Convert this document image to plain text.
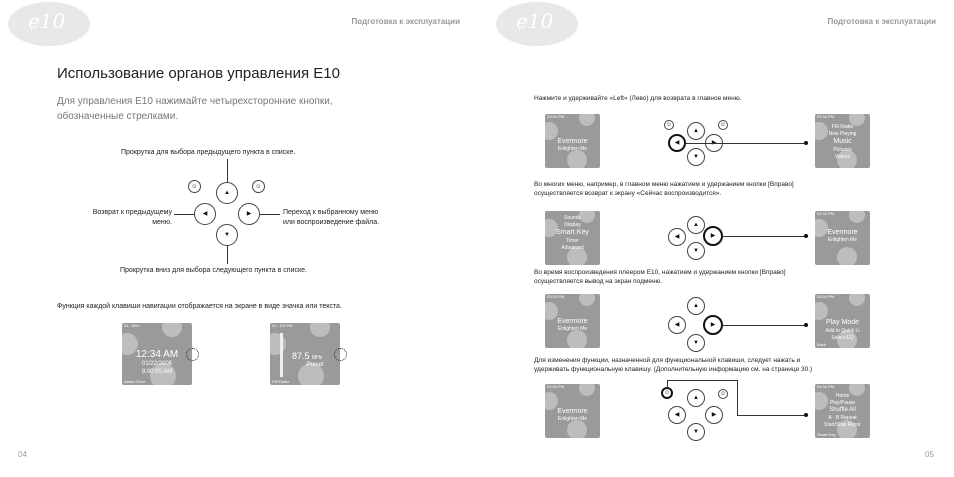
e10	Подготовка к эксплуатации
Использование органов управления E10
Для управления E10 нажимайте четырехсторонние кнопки,
обозначенные стрелками.
Прокрутка для выбора предыдущего пункта в списке.
☺	☺
▲
◀	▶
▼
Возврат к предыдущему
меню.
Переход к выбранному меню
или воспроизведение файла.
Прокрутка вниз для выбора следующего пункта в списке.
Функция каждой клавиши навигации отображается на экране в виде значка или текста.
01 : Mon
12:34 AM
01/22/2006
8:00:00 AM
Alarm Clear
01 : 0.0 PM
87.5 MHz
Preset
FM Radio
04
e10	Подготовка к эксплуатации
Нажмите и удерживайте «Left» (Лево) для возврата в главное меню.
03:34 PM
Evermore
Enlighten Me
☺	☺
▲
◀
▼
03:34 PM
FM Radio
Now Playing
Music
Pictures
Videos
Во многих меню, например, в главном меню нажатием и удержанием кнопки [Вправо]
осуществляется возврат к экрану «Сейчас воспроизводится».
Sounds
Display
Smart Key
Timer
Advanced
▲
◀	▶
▼
03:34 PM
Evermore
Enlighten Me
Во время воспроизведения плеером E10, нажатием и удержанием кнопки [Вправо]
осуществляется вывод на экран подменю.
03:34 PM
Evermore
Enlighten Me
▲
◀	▶
▼
03:34 PM
Play Mode
Add to Quick Li
Select EQ
Back
Для изменения функции, назначенной для функциональной клавиши, следует нажать и
удерживать функциональную клавишу. (Дополнительную информацию см. на странице 30.)
03:34 PM
Evermore
Enlighten Me
☺	☺
▲
◀	▶
▼
03:34 PM
Home
Play/Pause
Shuffle All
A - B Repeat
Start/Stop Recor
Smart Key
05
